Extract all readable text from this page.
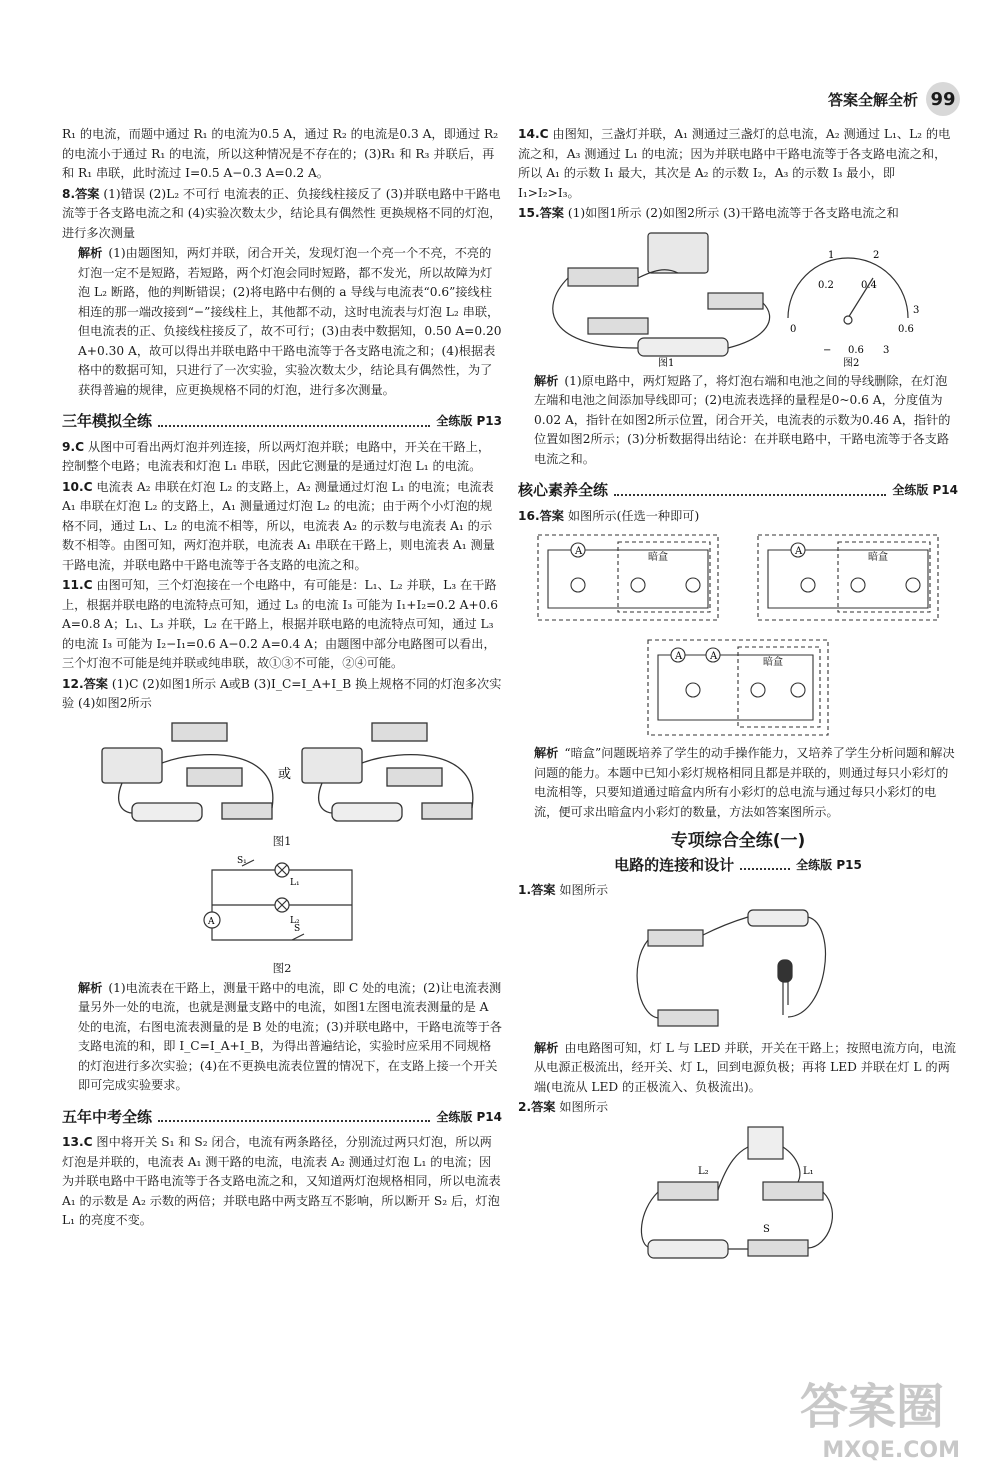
答案全解全析 99

R₁ 的电流，而题中通过 R₁ 的电流为0.5 A，通过 R₂ 的电流是0.3 A，即通过 R₂ 的电流小于通过 R₁ 的电流，所以这种情况是不存在的；(3)R₁ 和 R₃ 并联后，再和 R₁ 串联，此时流过 I=0.5 A−0.3 A=0.2 A。

8.答案 (1)错误 (2)L₂ 不可行 电流表的正、负接线柱接反了 (3)并联电路中干路电流等于各支路电流之和 (4)实验次数太少，结论具有偶然性 更换规格不同的灯泡，进行多次测量

解析 (1)由题图知，两灯并联，闭合开关，发现灯泡一个亮一个不亮，不亮的灯泡一定不是短路，若短路，两个灯泡会同时短路，都不发光，所以故障为灯泡 L₂ 断路，他的判断错误；(2)将电路中右侧的 a 导线与电流表“0.6”接线柱相连的那一端改接到“−”接线柱上，其他都不动，这时电流表与灯泡 L₂ 串联，但电流表的正、负接线柱接反了，故不可行；(3)由表中数据知，0.50 A=0.20 A+0.30 A，故可以得出并联电路中干路电流等于各支路电流之和；(4)根据表格中的数据可知，只进行了一次实验，实验次数太少，结论具有偶然性，为了获得普遍的规律，应更换规格不同的灯泡，进行多次测量。

三年模拟全练	全练版 P13

9.C 从图中可看出两灯泡并列连接，所以两灯泡并联；电路中，开关在干路上，控制整个电路；电流表和灯泡 L₁ 串联，因此它测量的是通过灯泡 L₁ 的电流。

10.C 电流表 A₂ 串联在灯泡 L₂ 的支路上，A₂ 测量通过灯泡 L₁ 的电流；电流表 A₁ 串联在灯泡 L₂ 的支路上，A₁ 测量通过灯泡 L₂ 的电流；由于两个小灯泡的规格不同，通过 L₁、L₂ 的电流不相等，所以，电流表 A₂ 的示数与电流表 A₁ 的示数不相等。由图可知，两灯泡并联，电流表 A₁ 串联在干路上，则电流表 A₁ 测量干路电流，并联电路中干路电流等于各支路的电流之和。

11.C 由图可知，三个灯泡接在一个电路中，有可能是：L₁、L₂ 并联，L₃ 在干路上，根据并联电路的电流特点可知，通过 L₃ 的电流 I₃ 可能为 I₁+I₂=0.2 A+0.6 A=0.8 A；L₁、L₃ 并联，L₂ 在干路上，根据并联电路的电流特点可知，通过 L₃ 的电流 I₃ 可能为 I₂−I₁=0.6 A−0.2 A=0.4 A；由题图中部分电路图可以看出，三个灯泡不可能是纯并联或纯串联，故①③不可能，②④可能。

12.答案 (1)C (2)如图1所示 A或B (3)I_C=I_A+I_B 换上规格不同的灯泡多次实验 (4)如图2所示

或

图1

S₁
L₁
L₂
A
S

图2

解析 (1)电流表在干路上，测量干路中的电流，即 C 处的电流；(2)让电流表测量另外一处的电流，也就是测量支路中的电流，如图1左图电流表测量的是 A 处的电流，右图电流表测量的是 B 处的电流；(3)并联电路中，干路电流等于各支路电流的和，即 I_C=I_A+I_B，为得出普遍结论，实验时应采用不同规格的灯泡进行多次实验；(4)在不更换电流表位置的情况下，在支路上接一个开关即可完成实验要求。

五年中考全练	全练版 P14

13.C 图中将开关 S₁ 和 S₂ 闭合，电流有两条路径，分别流过两只灯泡，所以两灯泡是并联的，电流表 A₁ 测干路的电流，电流表 A₂ 测通过灯泡 L₁ 的电流；因为并联电路中干路电流等于各支路电流之和，又知道两灯泡规格相同，所以电流表 A₁ 的示数是 A₂ 示数的两倍；并联电路中两支路互不影响，所以断开 S₂ 后，灯泡 L₁ 的亮度不变。

14.C 由图知，三盏灯并联，A₁ 测通过三盏灯的总电流，A₂ 测通过 L₁、L₂ 的电流之和，A₃ 测通过 L₁ 的电流；因为并联电路中干路电流等于各支路电流之和，所以 A₁ 的示数 I₁ 最大，其次是 A₂ 的示数 I₂，A₃ 的示数 I₃ 最小，即 I₁>I₂>I₃。

15.答案 (1)如图1所示 (2)如图2所示 (3)干路电流等于各支路电流之和

0
0.2	0.4
0.6
1	2
3
− 0.6 3
图1	图2

解析 (1)原电路中，两灯短路了，将灯泡右端和电池之间的导线删除，在灯泡左端和电池之间添加导线即可；(2)电流表选择的量程是0~0.6 A，分度值为0.02 A，指针在如图2所示位置，闭合开关，电流表的示数为0.46 A，指针的位置如图2所示；(3)分析数据得出结论：在并联电路中，干路电流等于各支路电流之和。

核心素养全练	全练版 P14

16.答案 如图所示(任选一种即可)

A
暗盒
A
暗盒
A	A
暗盒

解析 “暗盒”问题既培养了学生的动手操作能力，又培养了学生分析问题和解决问题的能力。本题中已知小彩灯规格相同且都是并联的，则通过每只小彩灯的电流相等，只要知道通过暗盒内所有小彩灯的总电流与通过每只小彩灯的电流，便可求出暗盒内小彩灯的数量，方法如答案图所示。

专项综合全练(一)
电路的连接和设计	全练版 P15

1.答案 如图所示

解析 由电路图可知，灯 L 与 LED 并联，开关在干路上；按照电流方向，电流从电源正极流出，经开关、灯 L，回到电源负极；再将 LED 并联在灯 L 的两端(电流从 LED 的正极流入、负极流出)。

2.答案 如图所示

L₂	L₁
S
答案圈
MXQE.COM
